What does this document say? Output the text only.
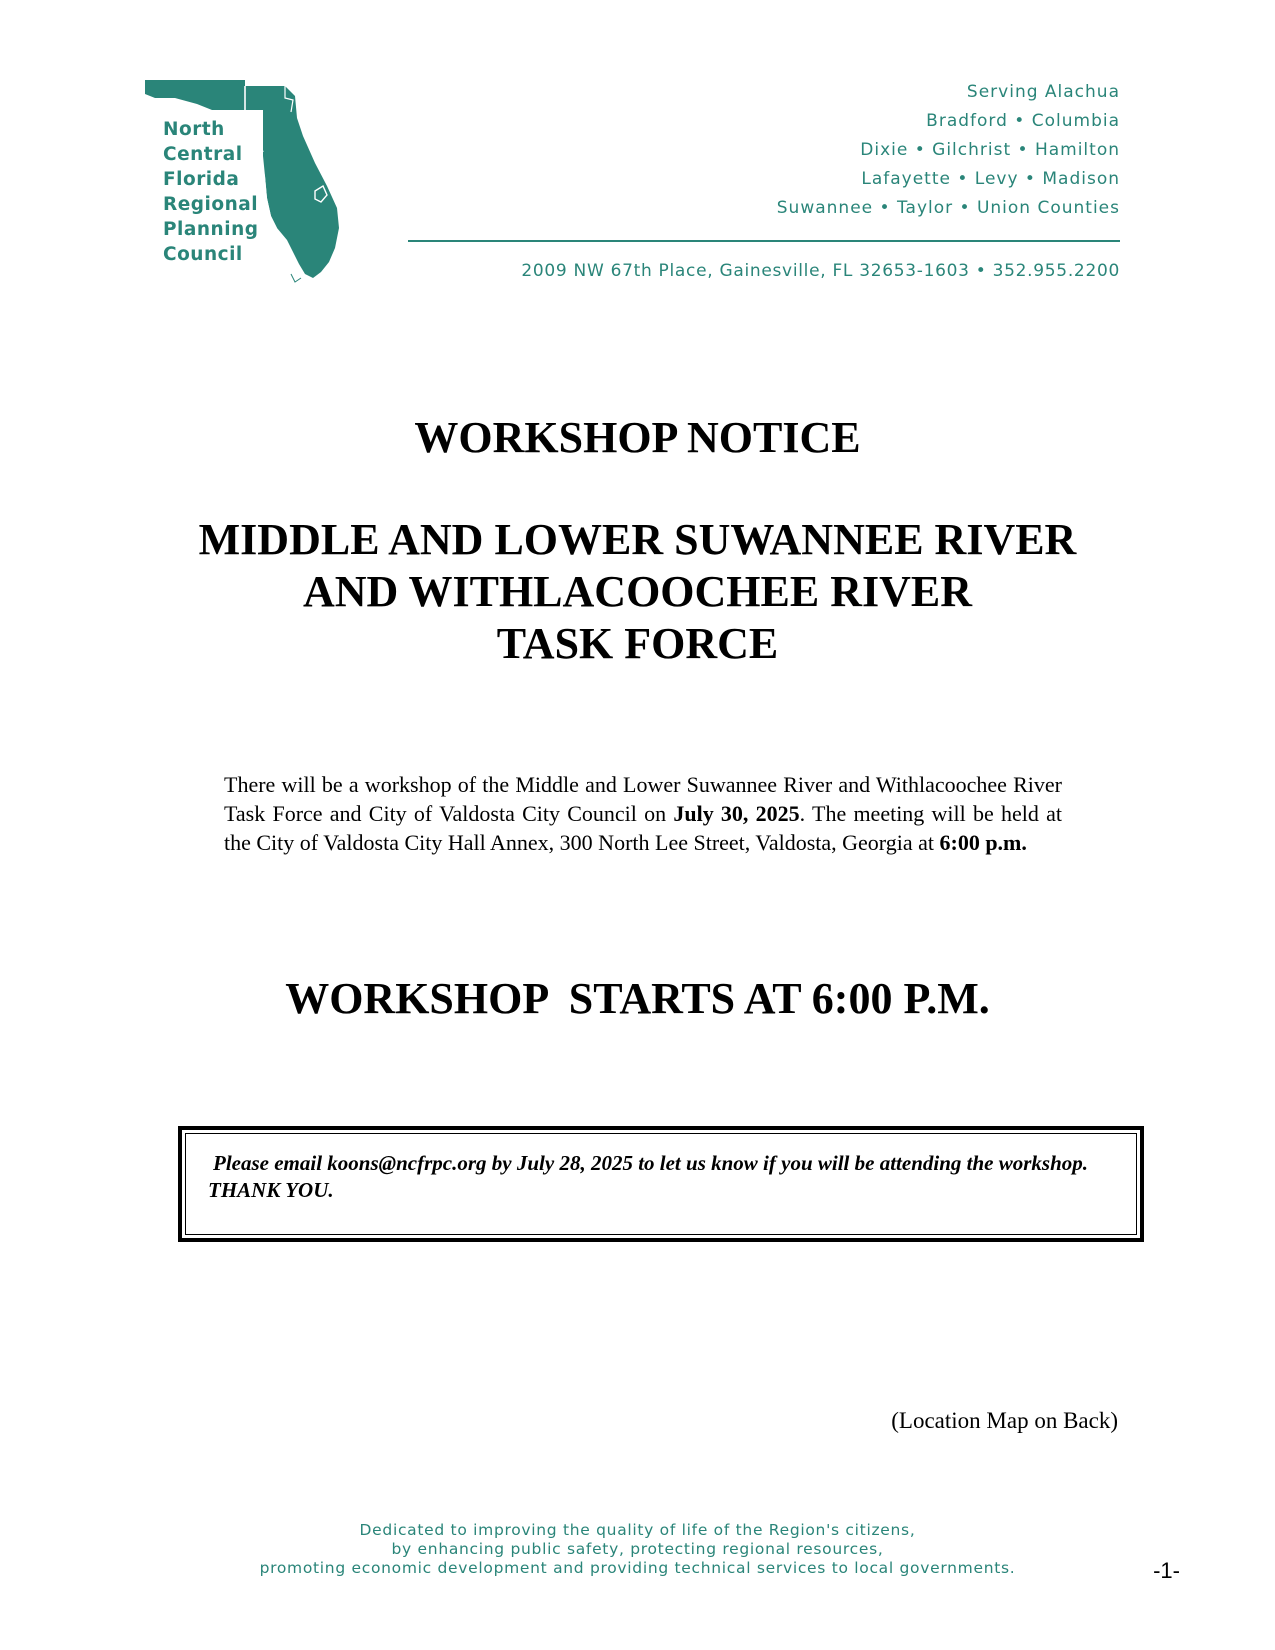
North
Central
Florida
Regional
Planning
Council
Serving Alachua
Bradford • Columbia
Dixie • Gilchrist • Hamilton
Lafayette • Levy • Madison
Suwannee • Taylor • Union Counties
2009 NW 67th Place, Gainesville, FL 32653-1603 • 352.955.2200
WORKSHOP NOTICE
MIDDLE AND LOWER SUWANNEE RIVER
AND WITHLACOOCHEE RIVER
TASK FORCE
There will be a workshop of the Middle and Lower Suwannee River and Withlacoochee River Task Force and City of Valdosta City Council on July 30, 2025. The meeting will be held at the City of Valdosta City Hall Annex, 300 North Lee Street, Valdosta, Georgia at 6:00 p.m.
WORKSHOP  STARTS AT 6:00 P.M.
Please email koons@ncfrpc.org by July 28, 2025 to let us know if you will be attending the workshop. THANK YOU.
(Location Map on Back)
Dedicated to improving the quality of life of the Region's citizens,
by enhancing public safety, protecting regional resources,
promoting economic development and providing technical services to local governments.	-1-
